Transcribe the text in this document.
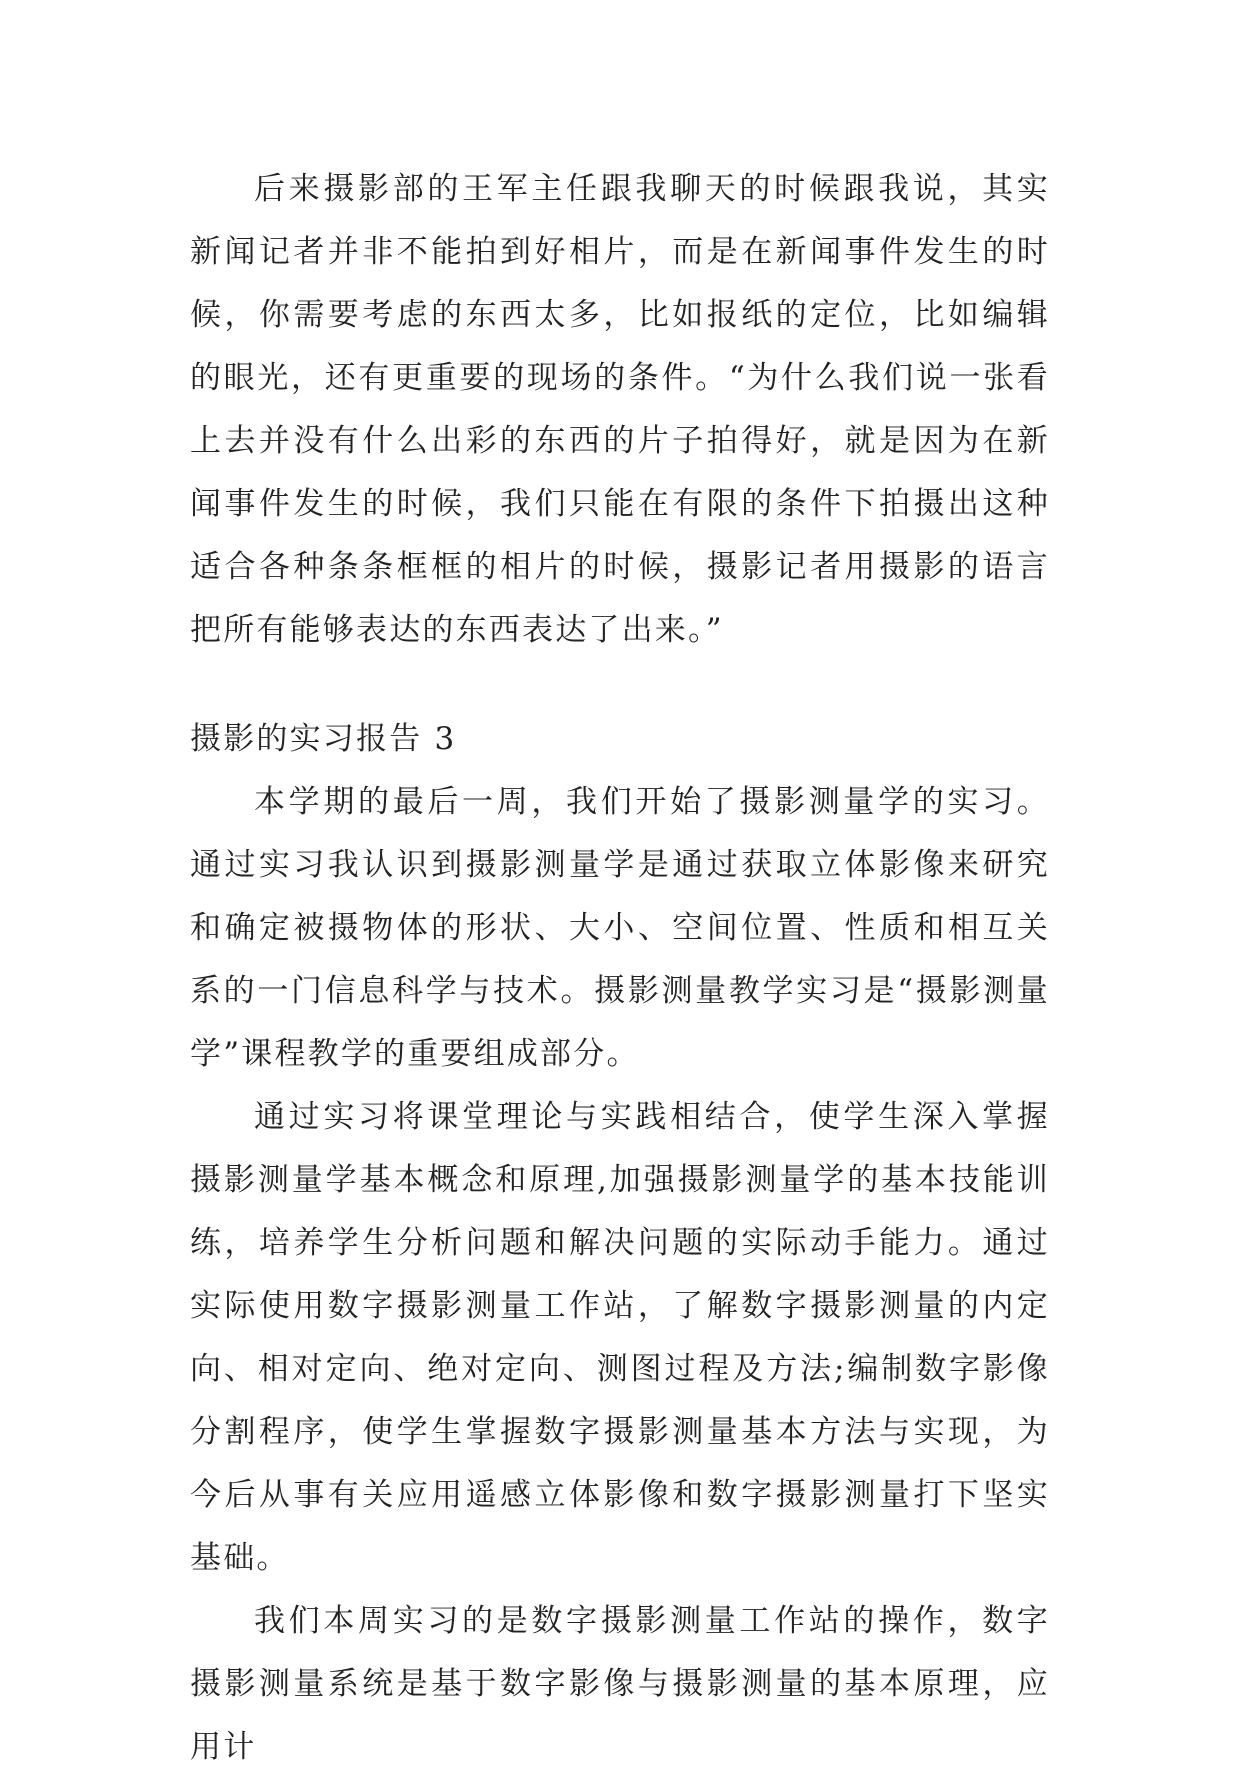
后来摄影部的王军主任跟我聊天的时候跟我说，其实新闻记者并非不能拍到好相片，而是在新闻事件发生的时候，你需要考虑的东西太多，比如报纸的定位，比如编辑的眼光，还有更重要的现场的条件。“为什么我们说一张看上去并没有什么出彩的东西的片子拍得好，就是因为在新闻事件发生的时候，我们只能在有限的条件下拍摄出这种适合各种条条框框的相片的时候，摄影记者用摄影的语言把所有能够表达的东西表达了出来。”

摄影的实习报告 3

本学期的最后一周，我们开始了摄影测量学的实习。通过实习我认识到摄影测量学是通过获取立体影像来研究和确定被摄物体的形状、大小、空间位置、性质和相互关系的一门信息科学与技术。摄影测量教学实习是“摄影测量学”课程教学的重要组成部分。

通过实习将课堂理论与实践相结合，使学生深入掌握摄影测量学基本概念和原理,加强摄影测量学的基本技能训练，培养学生分析问题和解决问题的实际动手能力。通过实际使用数字摄影测量工作站，了解数字摄影测量的内定向、相对定向、绝对定向、测图过程及方法;编制数字影像分割程序，使学生掌握数字摄影测量基本方法与实现，为今后从事有关应用遥感立体影像和数字摄影测量打下坚实基础。

我们本周实习的是数字摄影测量工作站的操作，数字摄影测量系统是基于数字影像与摄影测量的基本原理，应用计
